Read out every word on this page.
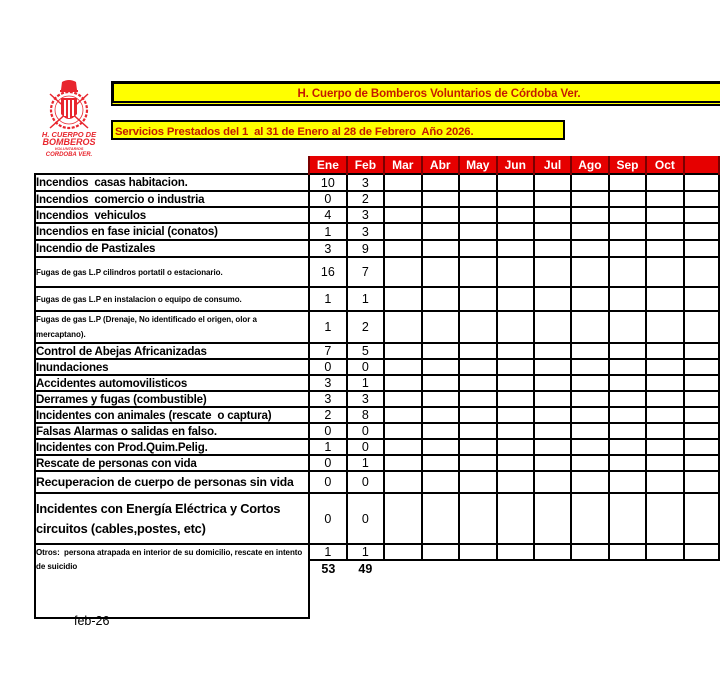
H. CUERPO DE
BOMBEROS
VOLUNTARIOS
CORDOBA VER.
H. Cuerpo de Bomberos Voluntarios de Córdoba Ver.
Servicios Prestados del 1  al 31 de Enero al 28 de Febrero  Año 2026.
	Ene	Feb	Mar	Abr	May	Jun	Jul	Ago	Sep	Oct	
Incendios  casas habitacion.	10	3									
Incendios  comercio o industria	0	2									
Incendios  vehiculos	4	3									
Incendios en fase inicial (conatos)	1	3									
Incendio de Pastizales	3	9									
Fugas de gas L.P cilindros portatil o estacionario.	16	7									
Fugas de gas L.P en instalacion o equipo de consumo.	1	1									
Fugas de gas L.P (Drenaje, No identificado el origen, olor a mercaptano).	1	2									
Control de Abejas Africanizadas	7	5									
Inundaciones	0	0									
Accidentes automovilisticos	3	1									
Derrames y fugas (combustible)	3	3									
Incidentes con animales (rescate  o captura)	2	8									
Falsas Alarmas o salidas en falso.	0	0									
Incidentes con Prod.Quim.Pelig.	1	0									
Rescate de personas con vida	0	1									
Recuperacion de cuerpo de personas sin vida	0	0									
Incidentes con Energía Eléctrica y Cortos circuitos (cables,postes, etc)	0	0									
Otros:  persona atrapada en interior de su domicilio, rescate en intento de suicidio	1	1									
	53	49									

feb-26
